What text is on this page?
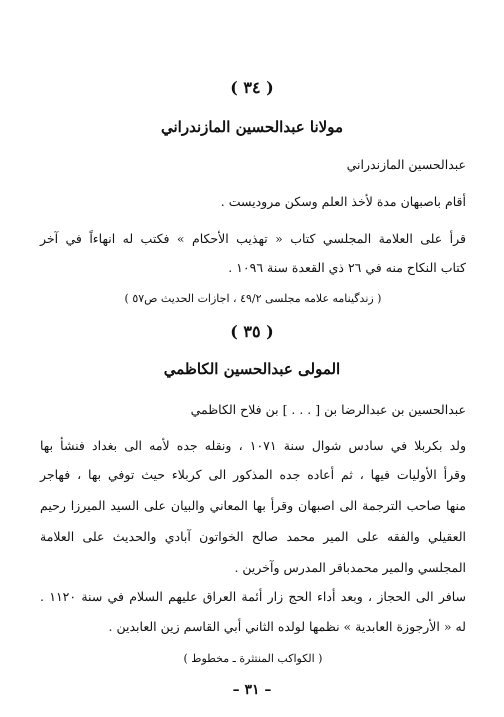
( ٣٤ )
مولانا عبدالحسين المازندراني
عبدالحسين المازندراني
أقام باصبهان مدة لأخذ العلم وسكن مروديست .
قرأ على العلامة المجلسي كتاب « تهذيب الأحكام » فكتب له انهاءاً في آخر
كتاب النكاح منه في ٢٦ ذي القعدة سنة ١٠٩٦ .
( زندگینامه علامه مجلسی ٤٩/٢ ، اجازات الحديث ص٥٧ )
( ٣٥ )
المولى عبدالحسين الكاظمي
عبدالحسين بن عبدالرضا بن [ . . . ] بن فلاح الكاظمي
ولد بكربلا في سادس شوال سنة ١٠٧١ ، ونقله جده لأمه الى بغداد فنشأ بها
وقرأ الأوليات فيها ، ثم أعاده جده المذكور الى كربلاء حيث توفي بها ، فهاجر
منها صاحب الترجمة الى اصبهان وقرأ بها المعاني والبيان على السيد الميرزا رحيم
العقيلي والفقه على المير محمد صالح الخواتون آبادي والحديث على العلامة
المجلسي والمير محمدباقر المدرس وآخرين .
سافر الى الحجاز ، وبعد أداء الحج زار أئمة العراق عليهم السلام في سنة ١١٢٠ .
له « الأرجوزة العابدية » نظمها لولده الثاني أبي القاسم زين العابدين .
( الكواكب المنتثرة ـ مخطوط )
– ٣١ –
